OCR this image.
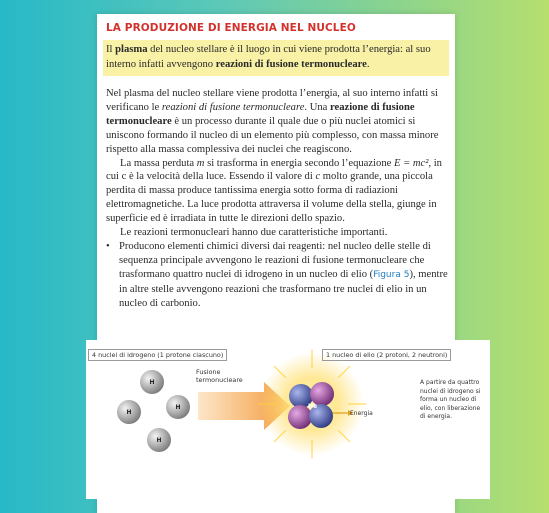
LA PRODUZIONE DI ENERGIA NEL NUCLEO
Il plasma del nucleo stellare è il luogo in cui viene prodotta l’energia: al suo interno infatti avvengono reazioni di fusione termonucleare.

Nel plasma del nucleo stellare viene prodotta l’energia, al suo interno infatti si verificano le reazioni di fusione termonucleare. Una reazione di fusione termonucleare è un processo durante il quale due o più nuclei atomici si uniscono formando il nucleo di un elemento più complesso, con massa minore rispetto alla massa complessiva dei nuclei che reagiscono.

La massa perduta m si trasforma in energia secondo l’equazione E = mc², in cui c è la velocità della luce. Essendo il valore di c molto grande, una piccola perdita di massa produce tantissima energia sotto forma di radiazioni elettromagnetiche. La luce prodotta attraversa il volume della stella, giunge in superficie ed è irradiata in tutte le direzioni dello spazio.

Le reazioni termonucleari hanno due caratteristiche importanti.

• Producono elementi chimici diversi dai reagenti: nel nucleo delle stelle di sequenza principale avvengono le reazioni di fusione termonucleare che trasformano quattro nuclei di idrogeno in un nucleo di elio (Figura 5), mentre in altre stelle avvengono reazioni che trasformano tre nuclei di elio in un nucleo di carbonio.
He
4 nuclei di idrogeno (1 protone ciascuno)	1 nucleo di elio (2 protoni, 2 neutroni)
H
H
H
H
Fusione termonucleare
Energia
A partire da quattro nuclei di idrogeno si forma un nucleo di elio, con liberazione di energia.
